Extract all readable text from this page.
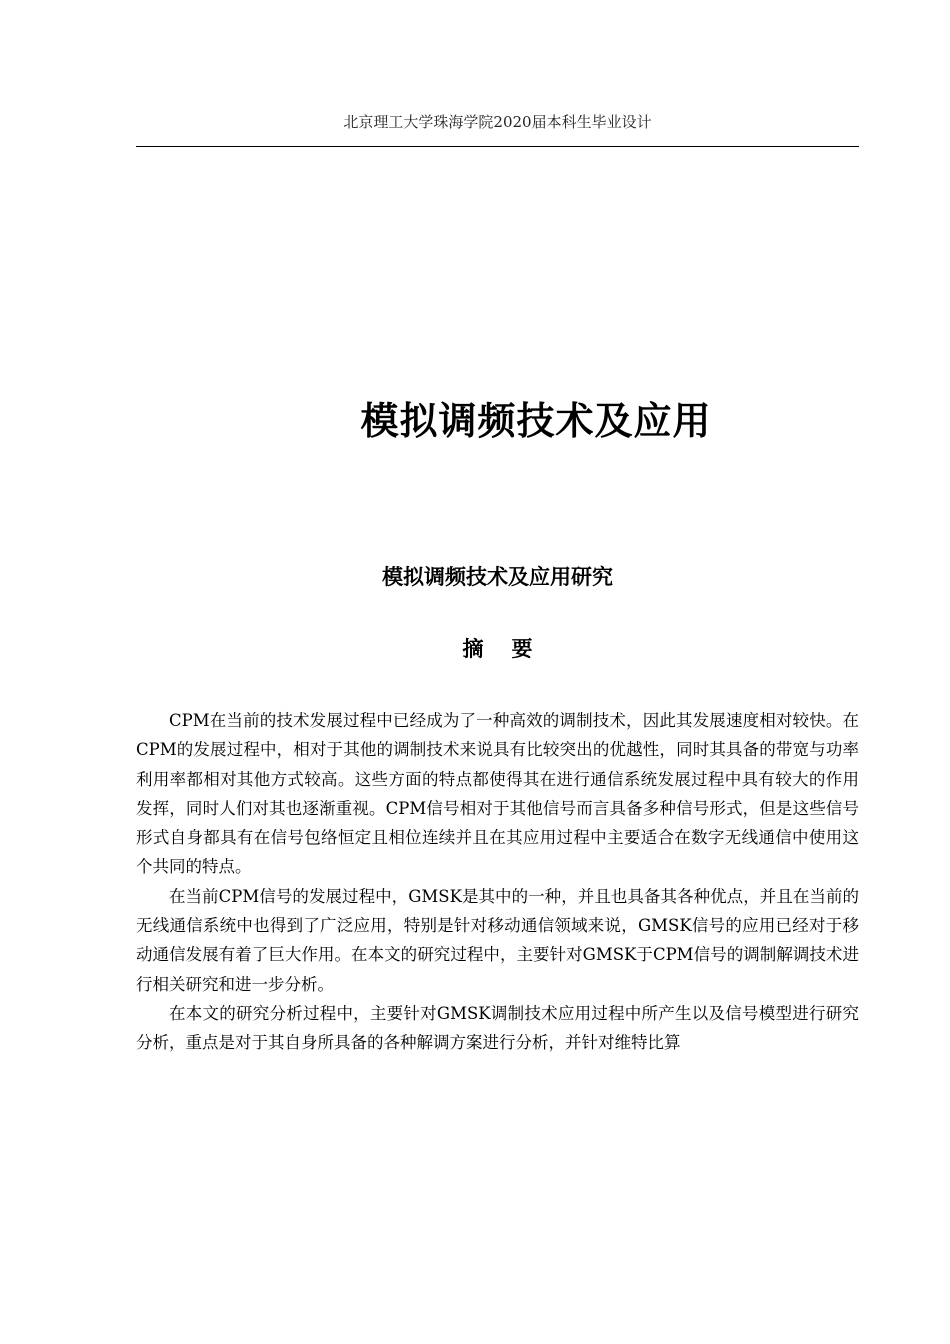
北京理工大学珠海学院2020届本科生毕业设计
模拟调频技术及应用
模拟调频技术及应用研究
摘 要

CPM在当前的技术发展过程中已经成为了一种高效的调制技术，因此其发展速度相对较快。在CPM的发展过程中，相对于其他的调制技术来说具有比较突出的优越性，同时其具备的带宽与功率利用率都相对其他方式较高。这些方面的特点都使得其在进行通信系统发展过程中具有较大的作用发挥，同时人们对其也逐渐重视。CPM信号相对于其他信号而言具备多种信号形式，但是这些信号形式自身都具有在信号包络恒定且相位连续并且在其应用过程中主要适合在数字无线通信中使用这个共同的特点。

在当前CPM信号的发展过程中，GMSK是其中的一种，并且也具备其各种优点，并且在当前的无线通信系统中也得到了广泛应用，特别是针对移动通信领域来说，GMSK信号的应用已经对于移动通信发展有着了巨大作用。在本文的研究过程中，主要针对GMSK于CPM信号的调制解调技术进行相关研究和进一步分析。

在本文的研究分析过程中，主要针对GMSK调制技术应用过程中所产生以及信号模型进行研究分析，重点是对于其自身所具备的各种解调方案进行分析，并针对维特比算
